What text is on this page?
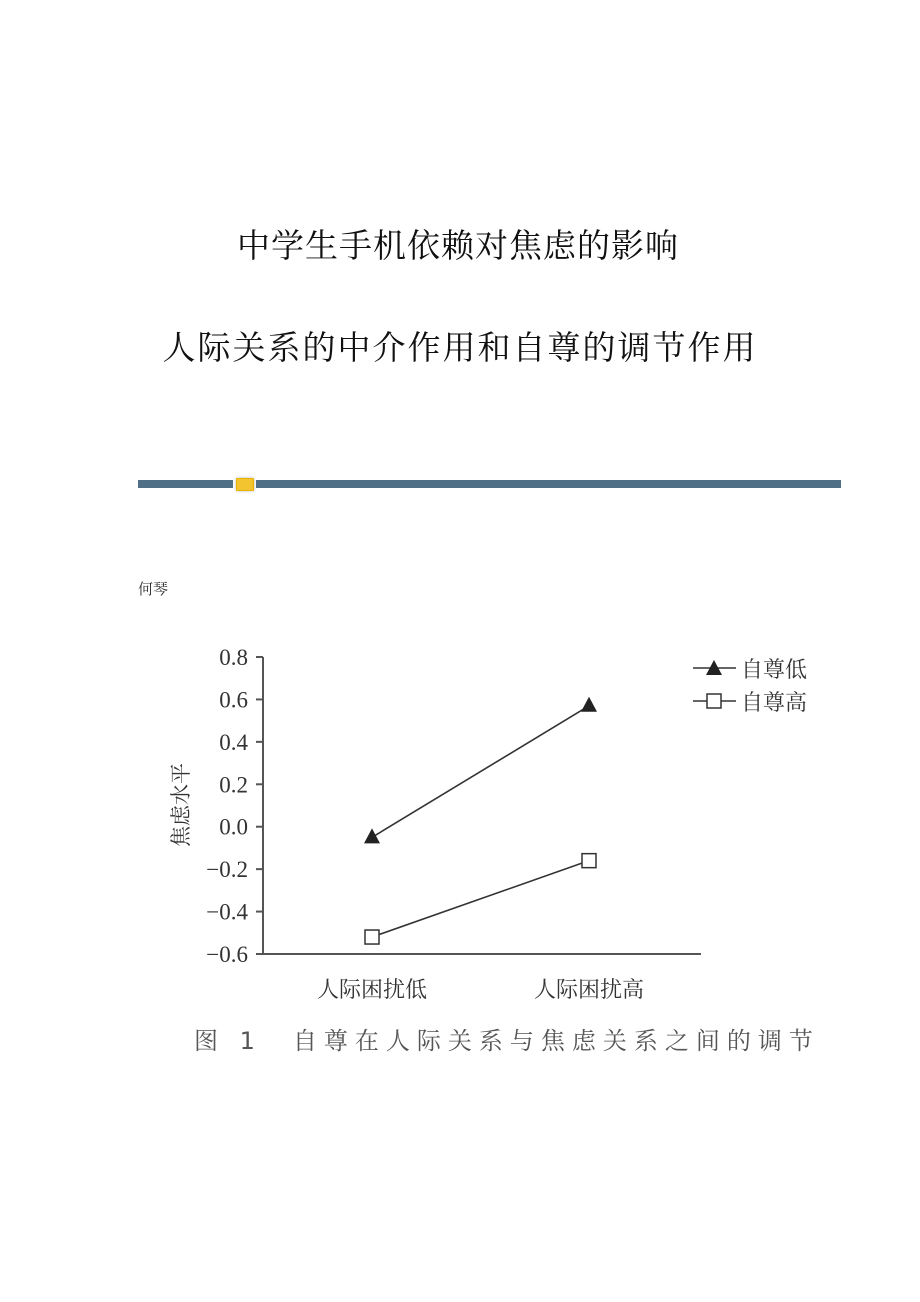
中学生手机依赖对焦虑的影响
人际关系的中介作用和自尊的调节作用
何琴
0.8
0.6
0.4
0.2
0.0
−0.2
−0.4
−0.6
焦虑水平
人际困扰低	人际困扰高
自尊低
自尊高
图 1　自尊在人际关系与焦虑关系之间的调节
